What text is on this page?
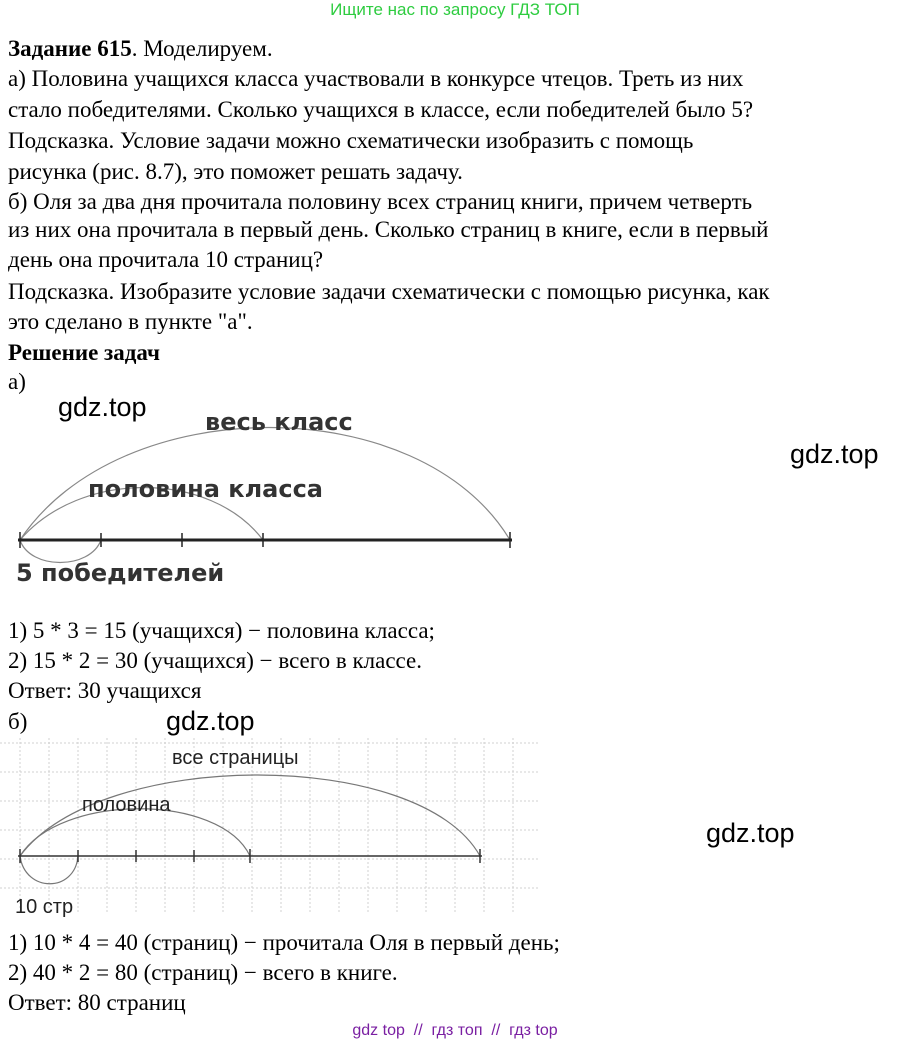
Ищите нас по запросу ГДЗ ТОП
Задание 615. Моделируем.
а) Половина учащихся класса участвовали в конкурсе чтецов. Треть из них
стало победителями. Сколько учащихся в классе, если победителей было 5?
Подсказка. Условие задачи можно схематически изобразить с помощь
рисунка (рис. 8.7), это поможет решать задачу.
б) Оля за два дня прочитала половину всех страниц книги, причем четверть
из них она прочитала в первый день. Сколько страниц в книге, если в первый
день она прочитала 10 страниц?
Подсказка. Изобразите условие задачи схематически с помощью рисунка, как
это сделано в пункте "а".
Решение задач
а)
весь класс
половина класса
5 победителей
1) 5 * 3 = 15 (учащихся) − половина класса;
2) 15 * 2 = 30 (учащихся) − всего в классе.
Ответ: 30 учащихся
б)
все страницы
половина
10 стр
1) 10 * 4 = 40 (страниц) − прочитала Оля в первый день;
2) 40 * 2 = 80 (страниц) − всего в книге.
Ответ: 80 страниц
gdz.top
gdz.top
gdz.top
gdz.top
gdz top  //  гдз топ  //  гдз top
